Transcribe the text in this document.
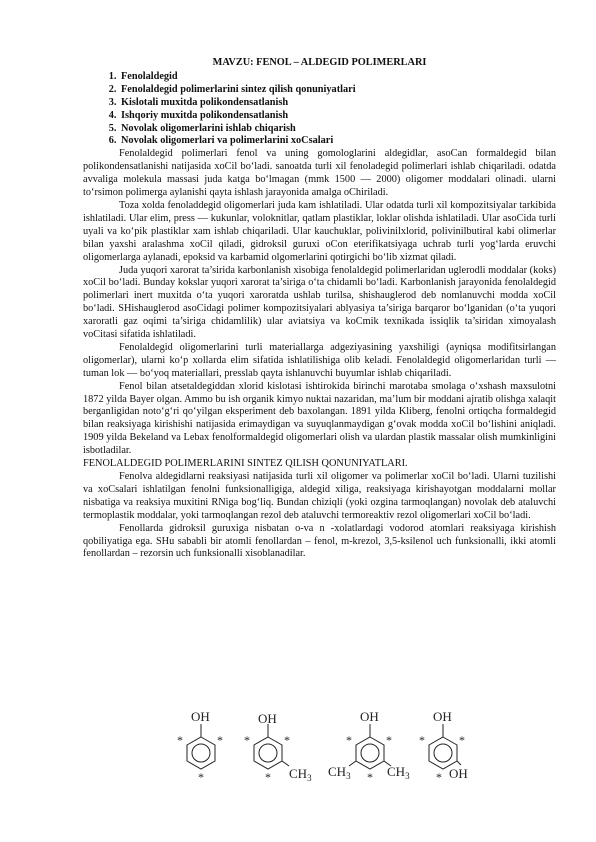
MAVZU: FENOL – ALDEGID POLIMERLARI
1. Fenolaldegid
2. Fenolaldegid polimerlarini sintez qilish qonuniyatlari
3. Kislotali muxitda polikondensatlanish
4. Ishqoriy muxitda polikondensatlanish
5. Novolak oligomerlarini ishlab chiqarish
6. Novolak oligomerlari va polimerlarini xoCsalari

Fenolaldegid polimerlari fenol va uning gomologlarini aldegidlar, asoCan formaldegid bilan polikondensatlanishi natijasida xoCil bo‘ladi. sanoatda turli xil fenoladegid polimerlari ishlab chiqariladi. odatda avvaliga molekula massasi juda katga bo‘lmagan (mmk 1500 — 2000) oligomer moddalari olinadi. ularni to‘rsimon polimerga aylanishi qayta ishlash jarayonida amalga oChiriladi.

Toza xolda fenoladdegid oligomerlari juda kam ishlatiladi. Ular odatda turli xil kompozitsiyalar tarkibida ishlatiladi. Ular elim, press — kukunlar, voloknitlar, qatlam plastiklar, loklar olishda ishlatiladi. Ular asoCida turli uyali va ko‘pik plastiklar xam ishlab chiqariladi. Ular kauchuklar, polivinilxlorid, polivinilbutiral kabi olimerlar bilan yaxshi aralashma xoCil qiladi, gidroksil guruxi oCon eterifikatsiyaga uchrab turli yog‘larda eruvchi oligomerlarga aylanadi, epoksid va karbamid olgomerlarini qotirgichi bo‘lib xizmat qiladi.

Juda yuqori xarorat ta’sirida karbonlanish xisobiga fenolaldegid polimerlaridan uglerodli moddalar (koks) xoCil bo‘ladi. Bunday kokslar yuqori xarorat ta’siriga o‘ta chidamli bo‘ladi. Karbonlanish jarayonida fenolaldegid polimerlari inert muxitda o‘ta yuqori xaroratda ushlab turilsa, shishauglerod deb nomlanuvchi modda xoCil bo‘ladi. SHishauglerod asoCidagi polimer kompozitsiyalari ablyasiya ta’siriga barqaror bo‘lganidan (o‘ta yuqori xaroratli gaz oqimi ta’siriga chidamlilik) ular aviatsiya va koCmik texnikada issiqlik ta’siridan ximoyalash voCitasi sifatida ishlatiladi.

Fenolaldegid oligomerlarini turli materiallarga adgeziyasining yaxshiligi (ayniqsa modifitsirlangan oligomerlar), ularni ko‘p xollarda elim sifatida ishlatilishiga olib keladi. Fenolaldegid oligomerlaridan turli — tuman lok — bo‘yoq materiallari, presslab qayta ishlanuvchi buyumlar ishlab chiqariladi.

Fenol bilan atsetaldegiddan xlorid kislotasi ishtirokida birinchi marotaba smolaga o‘xshash maxsulotni 1872 yilda Bayer olgan. Ammo bu ish organik kimyo nuktai nazaridan, ma’lum bir moddani ajratib olishga xalaqit berganligidan noto‘g‘ri qo‘yilgan eksperiment deb baxolangan. 1891 yilda Kliberg, fenolni ortiqcha formaldegid bilan reaksiyaga kirishishi natijasida erimaydigan va suyuqlanmaydigan g‘ovak modda xoCil bo‘lishini aniqladi. 1909 yilda Bekeland va Lebax fenolformaldegid oligomerlari olish va ulardan plastik massalar olish mumkinligini isbotladilar.

FENOLALDEGID POLIMERLARINI SINTEZ QILISH QONUNIYATLARI.

Fenolva aldegidlarni reaksiyasi natijasida turli xil oligomer va polimerlar xoCil bo‘ladi. Ularni tuzilishi va xoCsalari ishlatilgan fenolni funksionalligiga, aldegid xiliga, reaksiyaga kirishayotgan moddalarni mollar nisbatiga va reaksiya muxitini RNiga bog‘liq. Bundan chiziqli (yoki ozgina tarmoqlangan) novolak deb ataluvchi termoplastik moddalar, yoki tarmoqlangan rezol deb ataluvchi termoreaktiv rezol oligomerlari xoCil bo‘ladi.

Fenollarda gidroksil guruxiga nisbatan o-va n -xolatlardagi vodorod atomlari reaksiyaga kirishish qobiliyatiga ega. SHu sababli bir atomli fenollardan – fenol, m-krezol, 3,5-ksilenol uch funksionalli, ikki atomli fenollardan – rezorsin uch funksionalli xisoblanadilar.

OH	OH	OH	OH
$CH_3$ $CH_3$	$CH_3$	OH
*	*
*
*	*
*
*	*
*
*	*
*
